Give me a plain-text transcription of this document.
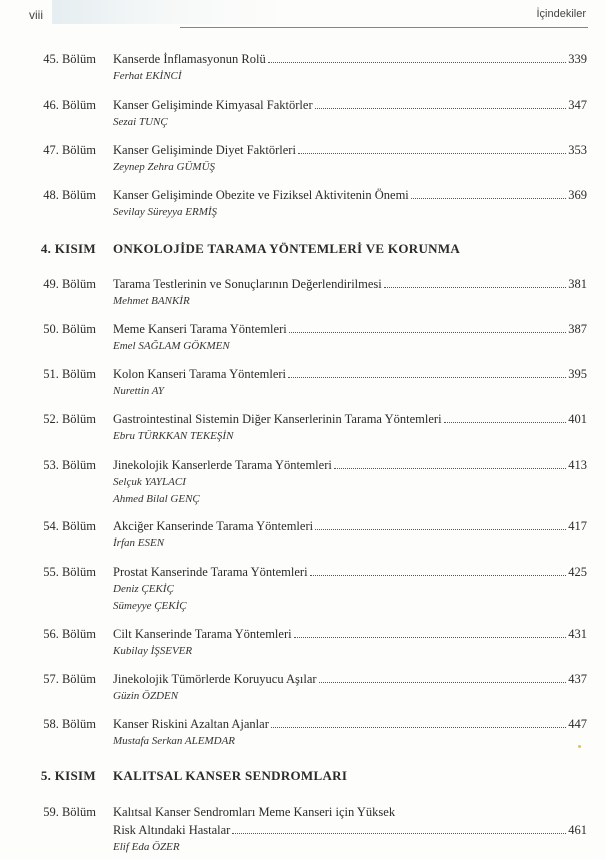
viii	İçindekiler
45. Bölüm Kanserde İnflamasyonun Rolü	339
Ferhat EKİNCİ
46. Bölüm Kanser Gelişiminde Kimyasal Faktörler	347
Sezai TUNÇ
47. Bölüm Kanser Gelişiminde Diyet Faktörleri	353
Zeynep Zehra GÜMÜŞ
48. Bölüm Kanser Gelişiminde Obezite ve Fiziksel Aktivitenin Önemi	369
Sevilay Süreyya ERMİŞ
4. KISIM ONKOLOJİDE TARAMA YÖNTEMLERİ VE KORUNMA
49. Bölüm Tarama Testlerinin ve Sonuçlarının Değerlendirilmesi	381
Mehmet BANKİR
50. Bölüm Meme Kanseri Tarama Yöntemleri	387
Emel SAĞLAM GÖKMEN
51. Bölüm Kolon Kanseri Tarama Yöntemleri	395
Nurettin AY
52. Bölüm Gastrointestinal Sistemin Diğer Kanserlerinin Tarama Yöntemleri	401
Ebru TÜRKKAN TEKEŞİN
53. Bölüm Jinekolojik Kanserlerde Tarama Yöntemleri	413
Selçuk YAYLACI
Ahmed Bilal GENÇ
54. Bölüm Akciğer Kanserinde Tarama Yöntemleri	417
İrfan ESEN
55. Bölüm Prostat Kanserinde Tarama Yöntemleri	425
Deniz ÇEKİÇ
Sümeyye ÇEKİÇ
56. Bölüm Cilt Kanserinde Tarama Yöntemleri	431
Kubilay İŞSEVER
57. Bölüm Jinekolojik Tümörlerde Koruyucu Aşılar	437
Güzin ÖZDEN
58. Bölüm Kanser Riskini Azaltan Ajanlar	447
Mustafa Serkan ALEMDAR
5. KISIM KALITSAL KANSER SENDROMLARI
59. Bölüm Kalıtsal Kanser Sendromları Meme Kanseri için Yüksek
Risk Altındaki Hastalar	461
Elif Eda ÖZER
